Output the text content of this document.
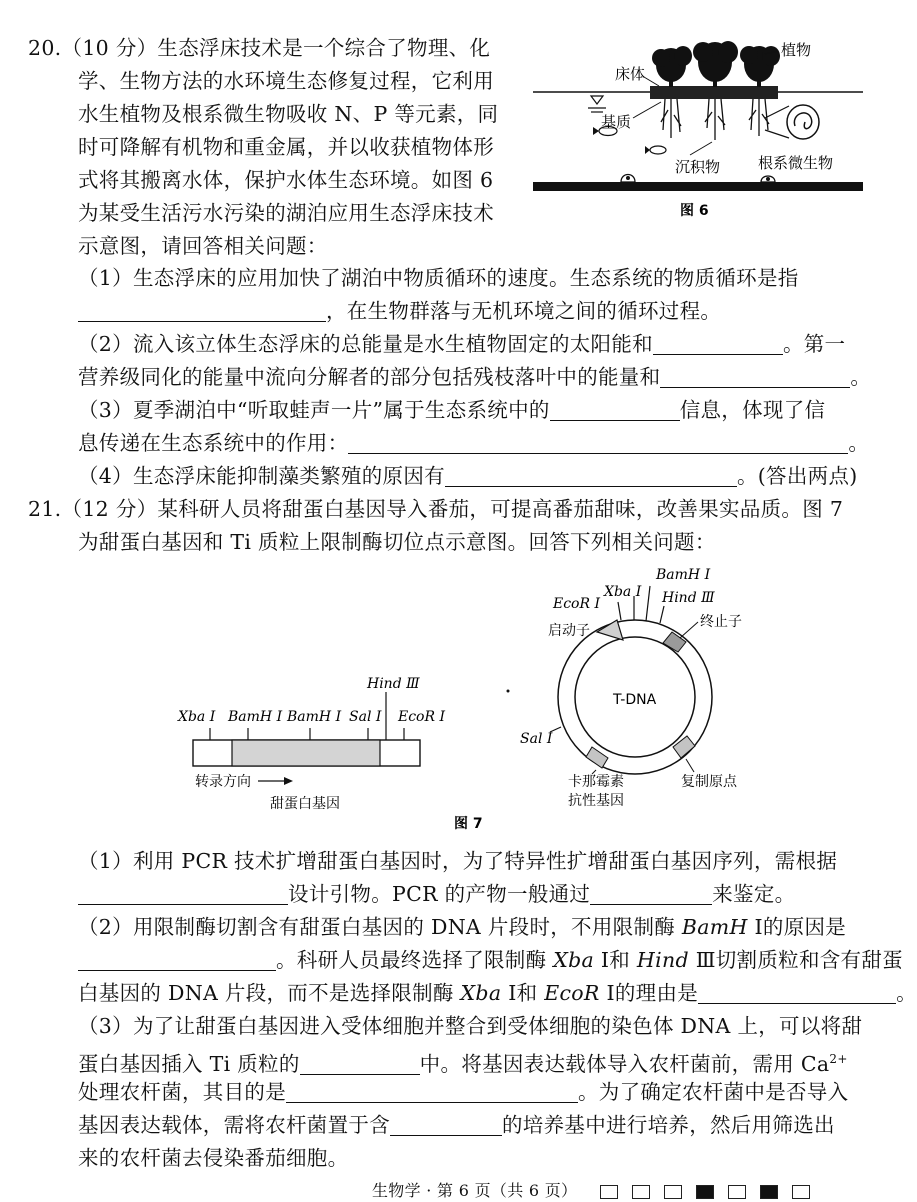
20.（10 分）生态浮床技术是一个综合了物理、化
学、生物方法的水环境生态修复过程，它利用
水生植物及根系微生物吸收 N、P 等元素，同
时可降解有机物和重金属，并以收获植物体形
式将其搬离水体，保护水体生态环境。如图 6
为某受生活污水污染的湖泊应用生态浮床技术
示意图，请回答相关问题：
植物
床体
基质
沉积物	根系微生物
图 6
（1）生态浮床的应用加快了湖泊中物质循环的速度。生态系统的物质循环是指
，在生物群落与无机环境之间的循环过程。
（2）流入该立体生态浮床的总能量是水生植物固定的太阳能和	。第一
营养级同化的能量中流向分解者的部分包括残枝落叶中的能量和	。
（3）夏季湖泊中“听取蛙声一片”属于生态系统中的	信息，体现了信
息传递在生态系统中的作用：	。
（4）生态浮床能抑制藻类繁殖的原因有	。(答出两点)
21.（12 分）某科研人员将甜蛋白基因导入番茄，可提高番茄甜味，改善果实品质。图 7
为甜蛋白基因和 Ti 质粒上限制酶切位点示意图。回答下列相关问题：
Xba Ⅰ BamH Ⅰ BamH Ⅰ Sal Ⅰ
Hind Ⅲ
EcoR Ⅰ
转录方向
甜蛋白基因
BamH Ⅰ
Xba Ⅰ Hind Ⅲ
EcoR Ⅰ
Sal Ⅰ
启动子
终止子
T-DNA
卡那霉素
抗性基因
复制原点
图 7
（1）利用 PCR 技术扩增甜蛋白基因时，为了特异性扩增甜蛋白基因序列，需根据
设计引物。PCR 的产物一般通过	来鉴定。
（2）用限制酶切割含有甜蛋白基因的 DNA 片段时，不用限制酶 BamH Ⅰ的原因是
。科研人员最终选择了限制酶 Xba Ⅰ和 Hind Ⅲ切割质粒和含有甜蛋
白基因的 DNA 片段，而不是选择限制酶 Xba Ⅰ和 EcoR Ⅰ的理由是	。
（3）为了让甜蛋白基因进入受体细胞并整合到受体细胞的染色体 DNA 上，可以将甜
蛋白基因插入 Ti 质粒的	中。将基因表达载体导入农杆菌前，需用 $Ca^{2+}$
处理农杆菌，其目的是	。为了确定农杆菌中是否导入
基因表达载体，需将农杆菌置于含	的培养基中进行培养，然后用筛选出
来的农杆菌去侵染番茄细胞。
生物学 · 第 6 页（共 6 页）
